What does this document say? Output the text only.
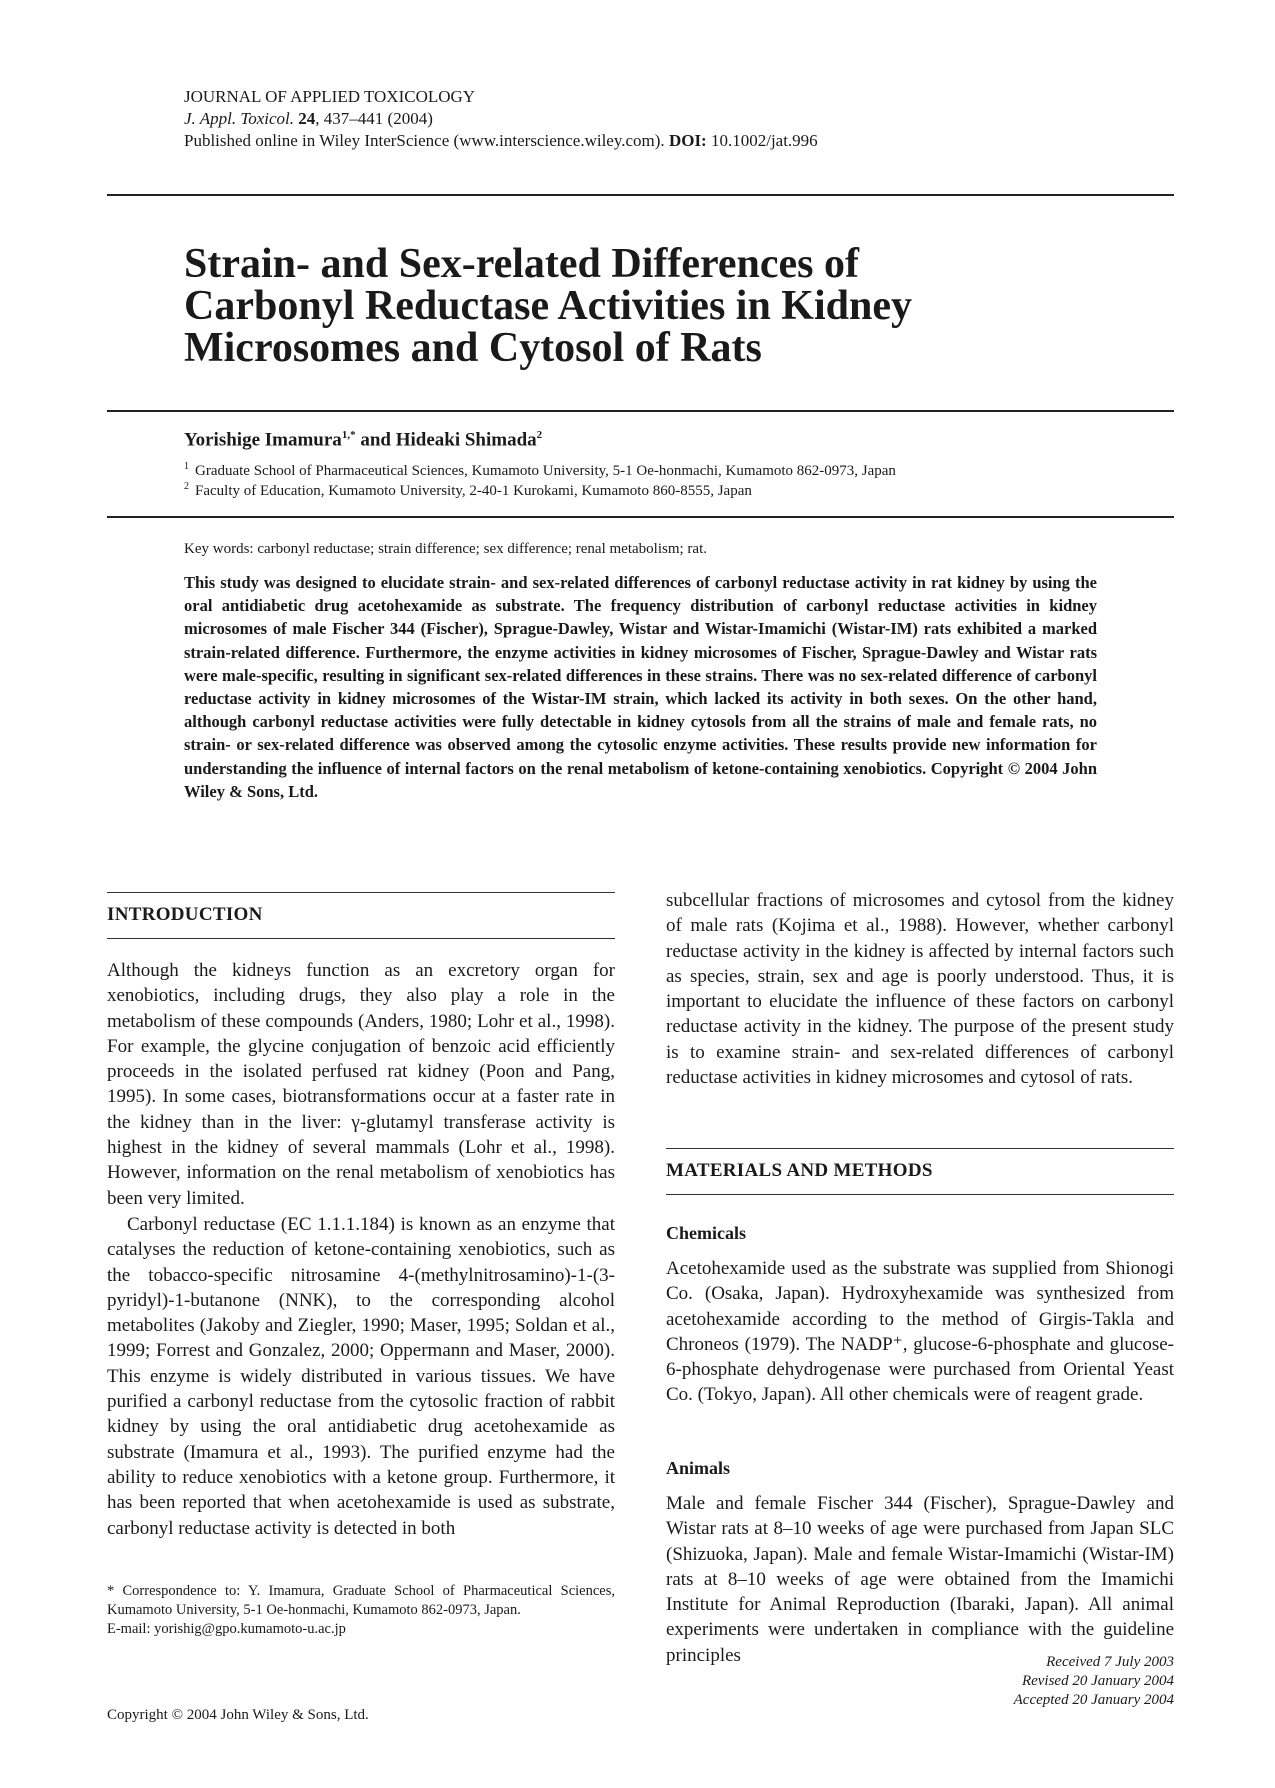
JOURNAL OF APPLIED TOXICOLOGY
J. Appl. Toxicol. 24, 437–441 (2004)
Published online in Wiley InterScience (www.interscience.wiley.com). DOI: 10.1002/jat.996
Strain- and Sex-related Differences of
Carbonyl Reductase Activities in Kidney
Microsomes and Cytosol of Rats
Yorishige Imamura$^{1,*}$ and Hideaki Shimada$^2$
$^1$ Graduate School of Pharmaceutical Sciences, Kumamoto University, 5-1 Oe-honmachi, Kumamoto 862-0973, Japan
$^2$ Faculty of Education, Kumamoto University, 2-40-1 Kurokami, Kumamoto 860-8555, Japan
Key words: carbonyl reductase; strain difference; sex difference; renal metabolism; rat.
This study was designed to elucidate strain- and sex-related differences of carbonyl reductase activity in rat kidney by using the oral antidiabetic drug acetohexamide as substrate. The frequency distribution of carbonyl reductase activities in kidney microsomes of male Fischer 344 (Fischer), Sprague-Dawley, Wistar and Wistar-Imamichi (Wistar-IM) rats exhibited a marked strain-related difference. Furthermore, the enzyme activities in kidney microsomes of Fischer, Sprague-Dawley and Wistar rats were male-specific, resulting in significant sex-related differences in these strains. There was no sex-related difference of carbonyl reductase activity in kidney microsomes of the Wistar-IM strain, which lacked its activity in both sexes. On the other hand, although carbonyl reductase activities were fully detectable in kidney cytosols from all the strains of male and female rats, no strain- or sex-related difference was observed among the cytosolic enzyme activities. These results provide new information for understanding the influence of internal factors on the renal metabolism of ketone-containing xenobiotics. Copyright © 2004 John Wiley & Sons, Ltd.
INTRODUCTION

Although the kidneys function as an excretory organ for xenobiotics, including drugs, they also play a role in the metabolism of these compounds (Anders, 1980; Lohr et al., 1998). For example, the glycine conjugation of benzoic acid efficiently proceeds in the isolated perfused rat kidney (Poon and Pang, 1995). In some cases, biotransformations occur at a faster rate in the kidney than in the liver: γ-glutamyl transferase activity is highest in the kidney of several mammals (Lohr et al., 1998). However, information on the renal metabolism of xenobiotics has been very limited.

Carbonyl reductase (EC 1.1.1.184) is known as an enzyme that catalyses the reduction of ketone-containing xenobiotics, such as the tobacco-specific nitrosamine 4-(methylnitrosamino)-1-(3-pyridyl)-1-butanone (NNK), to the corresponding alcohol metabolites (Jakoby and Ziegler, 1990; Maser, 1995; Soldan et al., 1999; Forrest and Gonzalez, 2000; Oppermann and Maser, 2000). This enzyme is widely distributed in various tissues. We have purified a carbonyl reductase from the cytosolic fraction of rabbit kidney by using the oral antidiabetic drug acetohexamide as substrate (Imamura et al., 1993). The purified enzyme had the ability to reduce xenobiotics with a ketone group. Furthermore, it has been reported that when acetohexamide is used as substrate, carbonyl reductase activity is detected in both

* Correspondence to: Y. Imamura, Graduate School of Pharmaceutical Sciences, Kumamoto University, 5-1 Oe-honmachi, Kumamoto 862-0973, Japan.
E-mail: yorishig@gpo.kumamoto-u.ac.jp
Copyright © 2004 John Wiley & Sons, Ltd.

subcellular fractions of microsomes and cytosol from the kidney of male rats (Kojima et al., 1988). However, whether carbonyl reductase activity in the kidney is affected by internal factors such as species, strain, sex and age is poorly understood. Thus, it is important to elucidate the influence of these factors on carbonyl reductase activity in the kidney. The purpose of the present study is to examine strain- and sex-related differences of carbonyl reductase activities in kidney microsomes and cytosol of rats.

MATERIALS AND METHODS
Chemicals

Acetohexamide used as the substrate was supplied from Shionogi Co. (Osaka, Japan). Hydroxyhexamide was synthesized from acetohexamide according to the method of Girgis-Takla and Chroneos (1979). The NADP⁺, glucose-6-phosphate and glucose-6-phosphate dehydrogenase were purchased from Oriental Yeast Co. (Tokyo, Japan). All other chemicals were of reagent grade.

Animals

Male and female Fischer 344 (Fischer), Sprague-Dawley and Wistar rats at 8–10 weeks of age were purchased from Japan SLC (Shizuoka, Japan). Male and female Wistar-Imamichi (Wistar-IM) rats at 8–10 weeks of age were obtained from the Imamichi Institute for Animal Reproduction (Ibaraki, Japan). All animal experiments were undertaken in compliance with the guideline principles	Received 7 July 2003
Revised 20 January 2004
Accepted 20 January 2004
